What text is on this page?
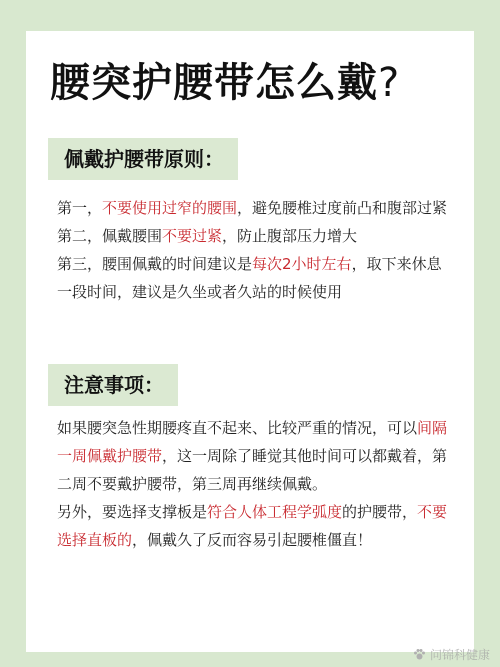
腰突护腰带怎么戴?
佩戴护腰带原则：

第一，不要使用过窄的腰围，避免腰椎过度前凸和腹部过紧

第二，佩戴腰围不要过紧，防止腹部压力增大

第三，腰围佩戴的时间建议是每次2小时左右，取下来休息一段时间，建议是久坐或者久站的时候使用

注意事项：

如果腰突急性期腰疼直不起来、比较严重的情况，可以间隔一周佩戴护腰带，这一周除了睡觉其他时间可以都戴着，第二周不要戴护腰带，第三周再继续佩戴。

另外，要选择支撑板是符合人体工程学弧度的护腰带，不要选择直板的，佩戴久了反而容易引起腰椎僵直！

问锦科健康
